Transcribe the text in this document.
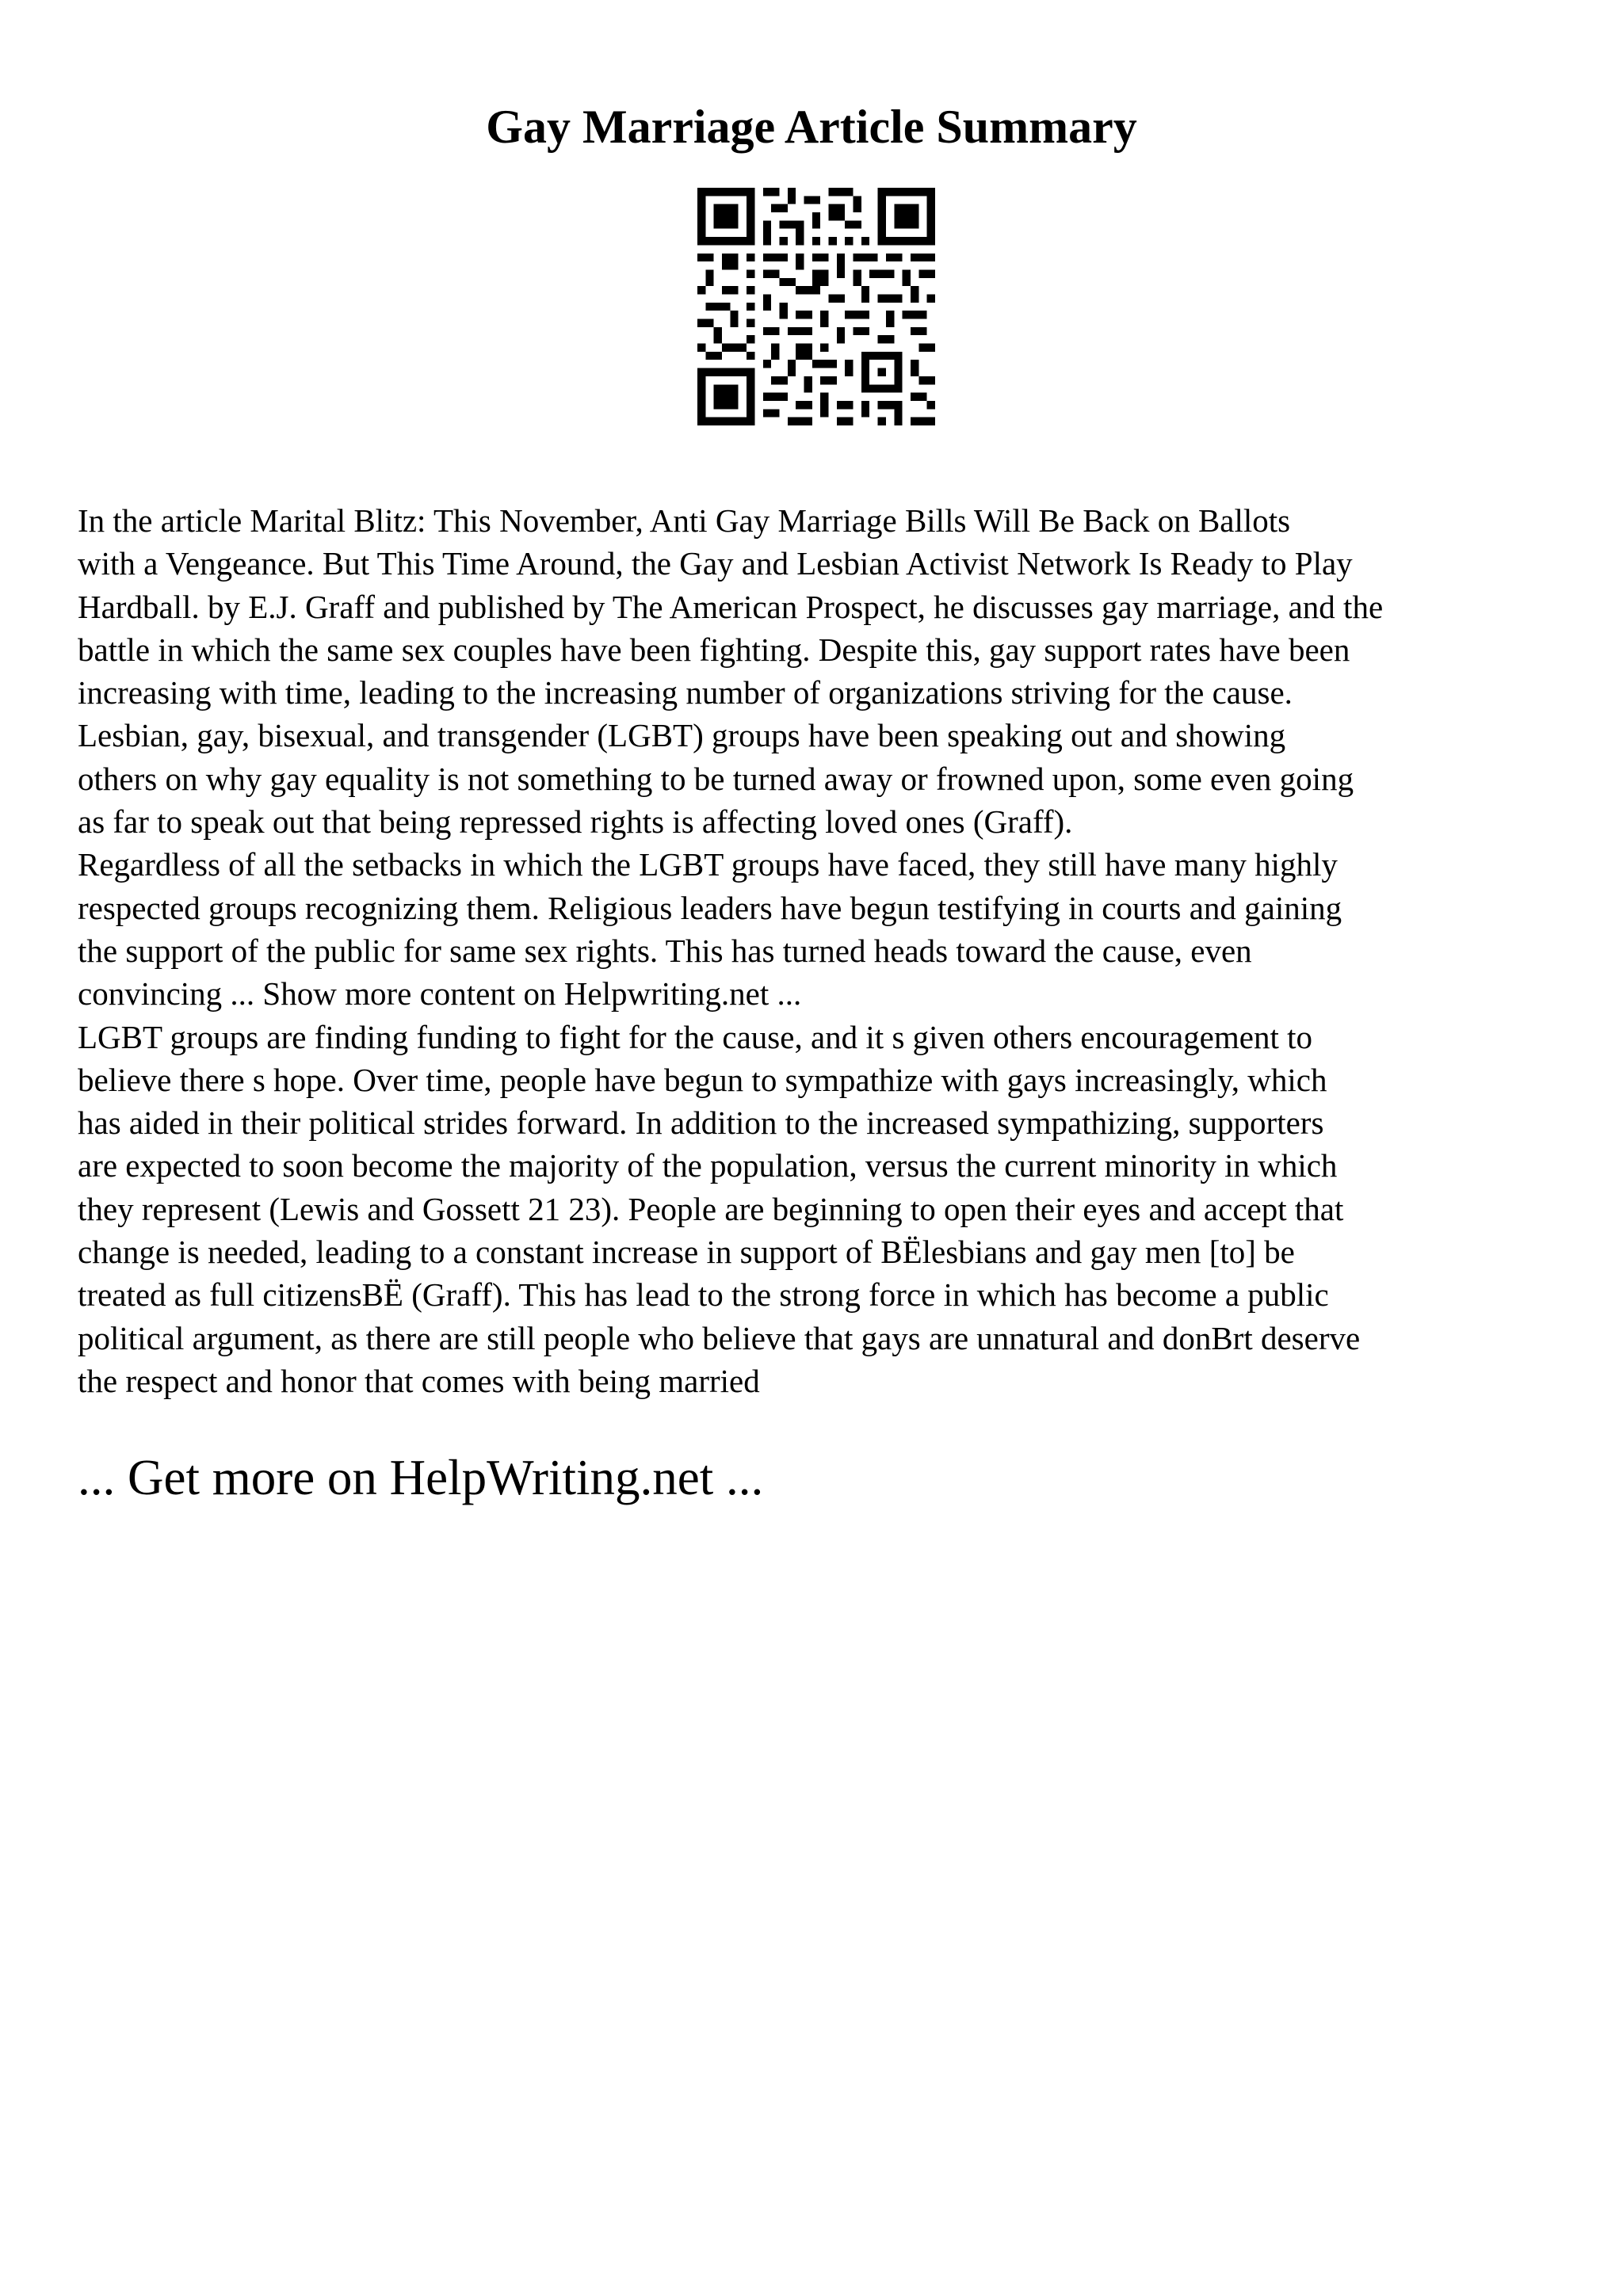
Gay Marriage Article Summary
In the article Marital Blitz: This November, Anti Gay Marriage Bills Will Be Back on Ballots
with a Vengeance. But This Time Around, the Gay and Lesbian Activist Network Is Ready to Play
Hardball. by E.J. Graff and published by The American Prospect, he discusses gay marriage, and the
battle in which the same sex couples have been fighting. Despite this, gay support rates have been
increasing with time, leading to the increasing number of organizations striving for the cause.
Lesbian, gay, bisexual, and transgender (LGBT) groups have been speaking out and showing
others on why gay equality is not something to be turned away or frowned upon, some even going
as far to speak out that being repressed rights is affecting loved ones (Graff).
Regardless of all the setbacks in which the LGBT groups have faced, they still have many highly
respected groups recognizing them. Religious leaders have begun testifying in courts and gaining
the support of the public for same sex rights. This has turned heads toward the cause, even
convincing ... Show more content on Helpwriting.net ...
LGBT groups are finding funding to fight for the cause, and it s given others encouragement to
believe there s hope. Over time, people have begun to sympathize with gays increasingly, which
has aided in their political strides forward. In addition to the increased sympathizing, supporters
are expected to soon become the majority of the population, versus the current minority in which
they represent (Lewis and Gossett 21 23). People are beginning to open their eyes and accept that
change is needed, leading to a constant increase in support of BËlesbians and gay men [to] be
treated as full citizensBË (Graff). This has lead to the strong force in which has become a public
political argument, as there are still people who believe that gays are unnatural and donBrt deserve
the respect and honor that comes with being married
... Get more on HelpWriting.net ...
